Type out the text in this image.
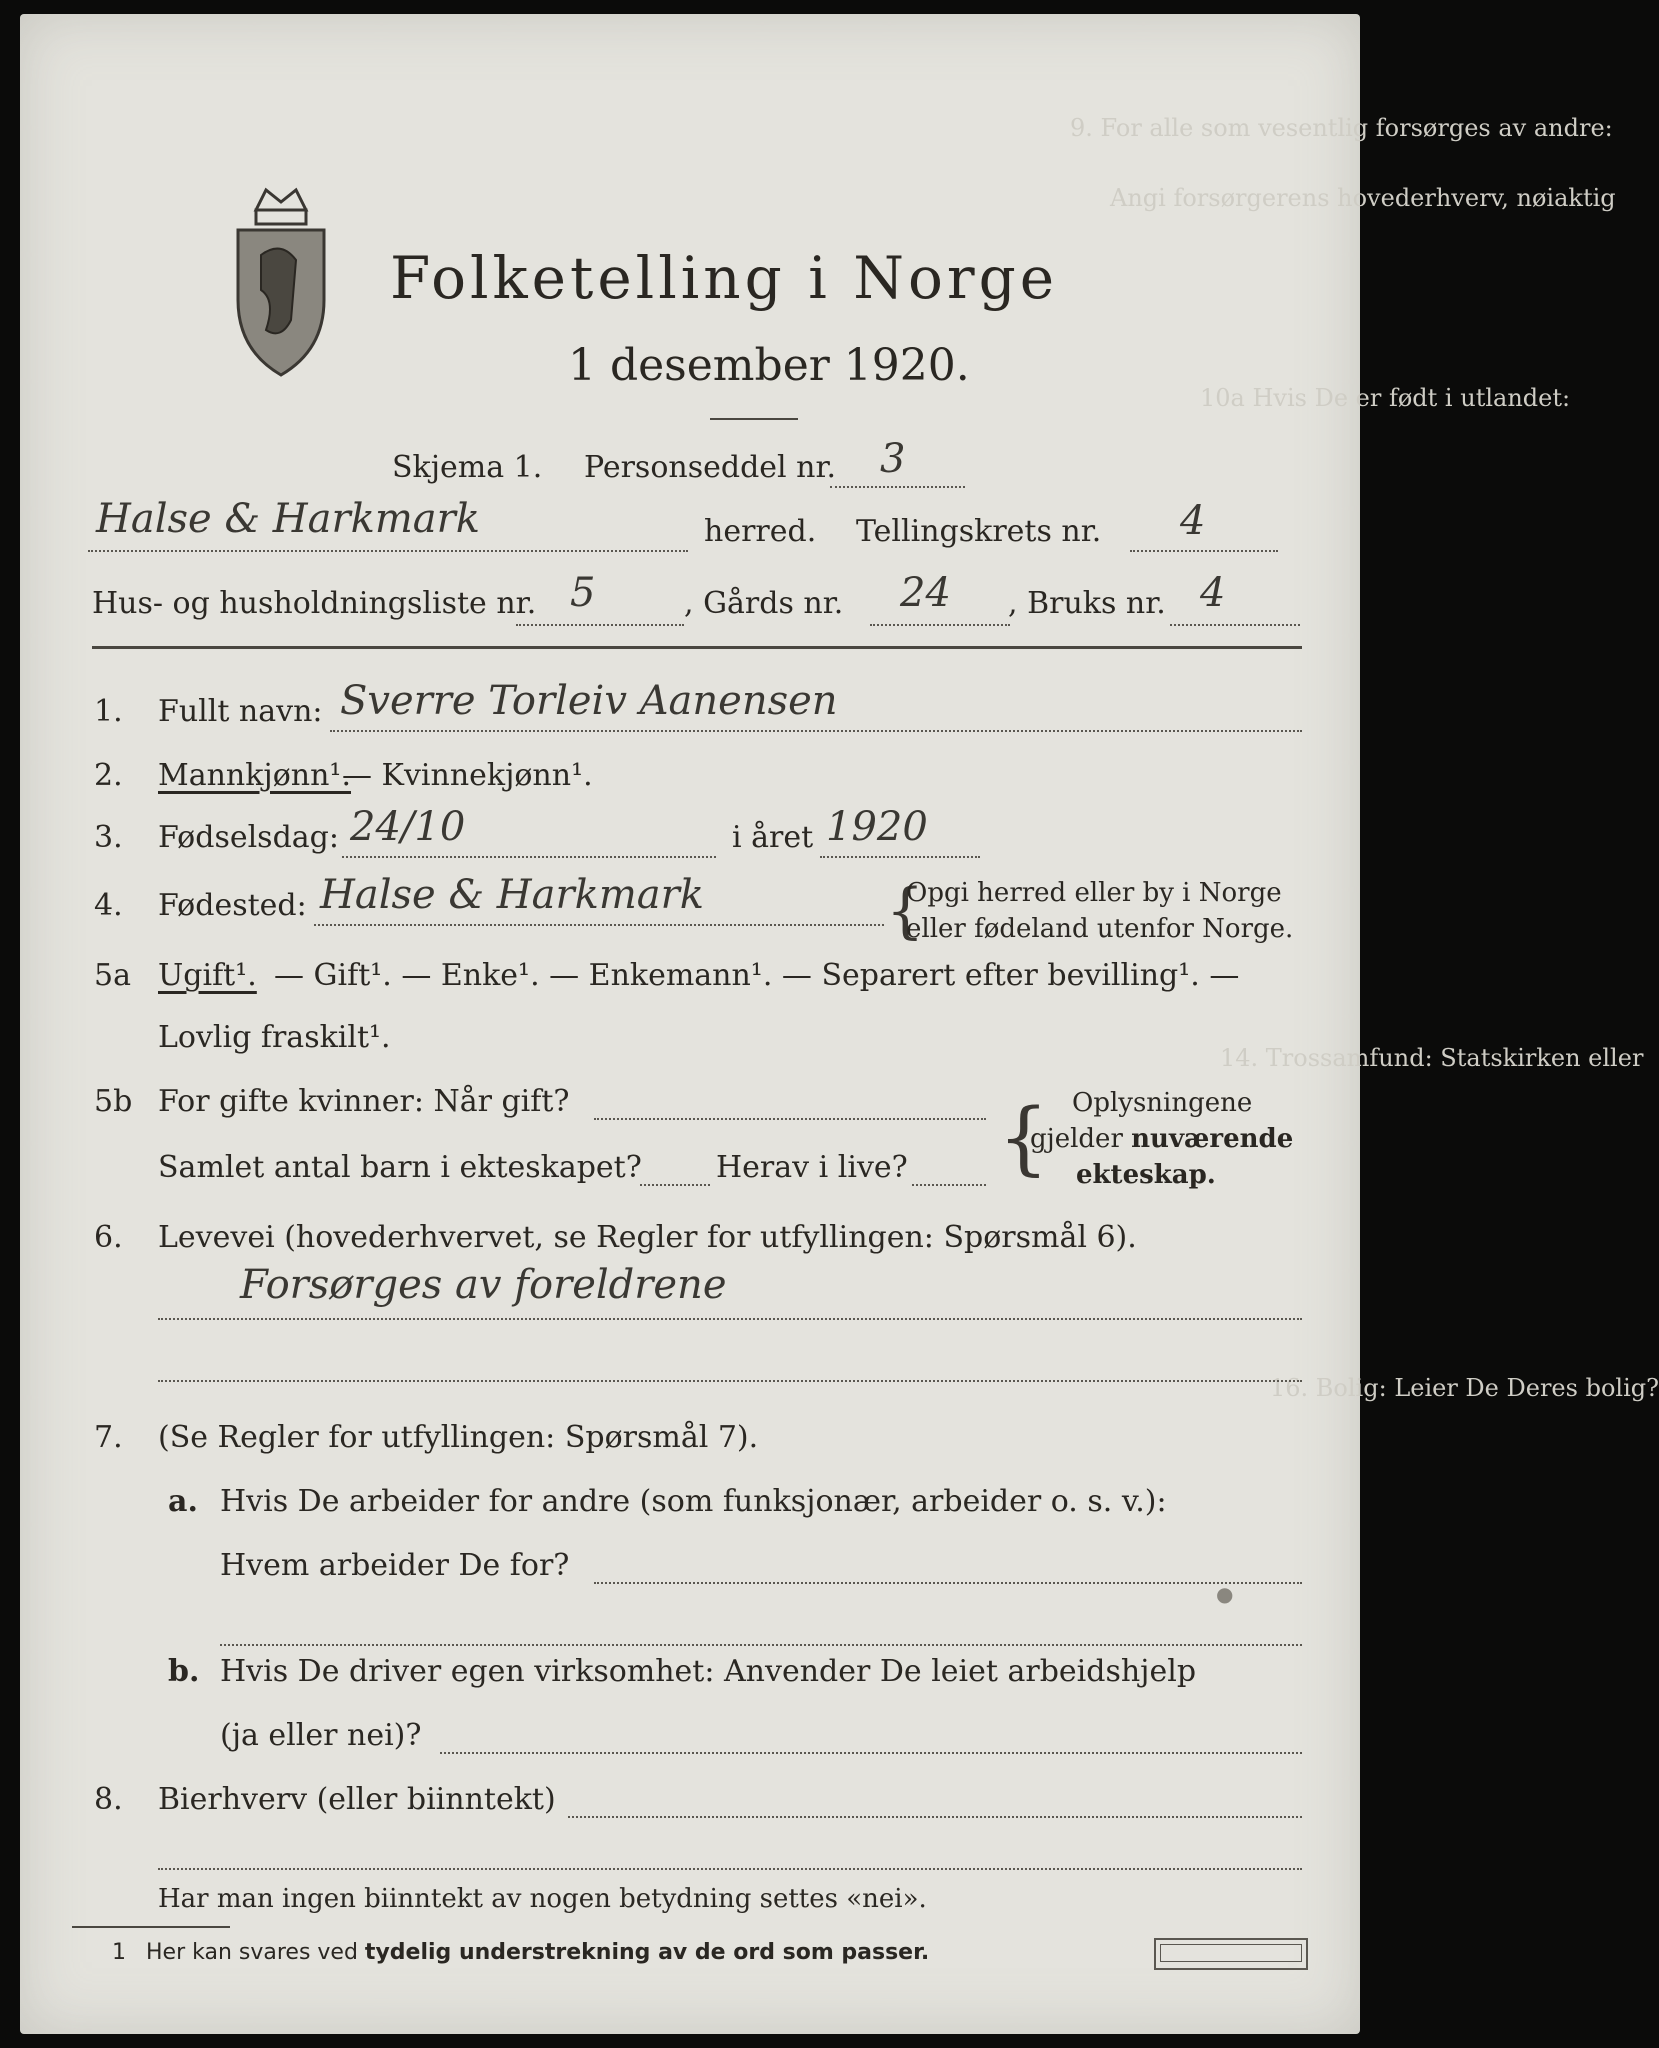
9. For alle som vesentlig forsørges av andre:
Angi forsørgerens hovederhverv, nøiaktig
10a Hvis De er født i utlandet:
14. Trossamfund: Statskirken eller
16. Bolig: Leier De Deres bolig?
Folketelling i Norge
1 desember 1920.
Skjema 1. Personseddel nr. 3
Halse & Harkmark	herred. Tellingskrets nr. 4
Hus- og husholdningsliste nr. 5	, Gårds nr. 24 , Bruks nr. 4
1. Fullt navn: Sverre Torleiv Aanensen
2. Mannkjønn¹.
— Kvinnekjønn¹.
3. Fødselsdag: 24/10	i året 1920
4. Fødested: Halse & Harkmark	{
Opgi herred eller by i Norge
eller fødeland utenfor Norge.
5a Ugift¹. — Gift¹. — Enke¹. — Enkemann¹. — Separert efter bevilling¹. —
Lovlig fraskilt¹.
5b For gifte kvinner: Når gift?
Samlet antal barn i ekteskapet? Herav i live? { Oplysningene
gjelder nuværende
ekteskap.
6. Levevei (hovederhvervet, se Regler for utfyllingen: Spørsmål 6).
Forsørges av foreldrene
7. (Se Regler for utfyllingen: Spørsmål 7).
a. Hvis De arbeider for andre (som funksjonær, arbeider o. s. v.):
Hvem arbeider De for?
●
b. Hvis De driver egen virksomhet: Anvender De leiet arbeidshjelp
(ja eller nei)?
8. Bierhverv (eller biinntekt)
Har man ingen biinntekt av nogen betydning settes «nei».
1 Her kan svares ved tydelig understrekning av de ord som passer.
